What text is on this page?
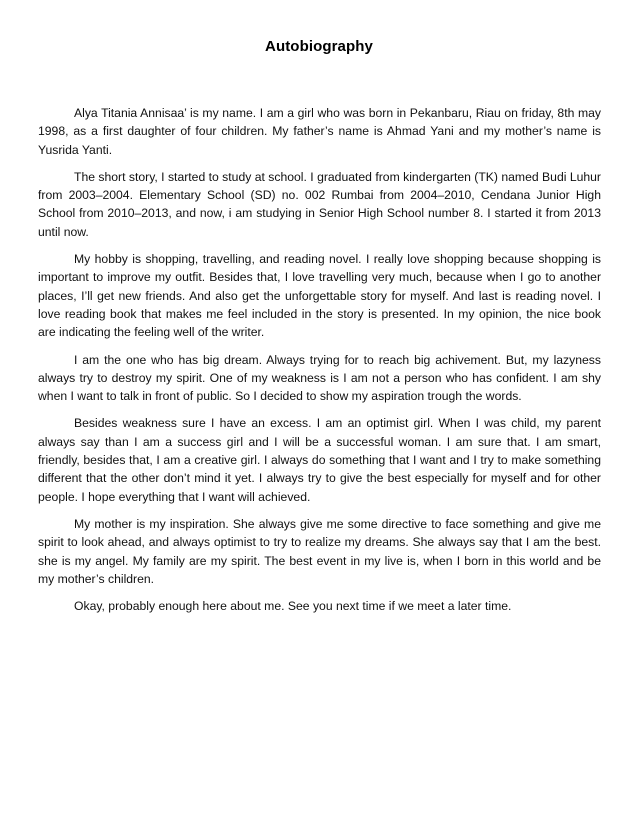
Autobiography

Alya Titania Annisaa’ is my name. I am a girl who was born in Pekanbaru, Riau on friday, 8th may 1998, as a first daughter of four children. My father’s name is Ahmad Yani and my mother’s name is Yusrida Yanti.

The short story, I started to study at school. I graduated from kindergarten (TK) named Budi Luhur from 2003–2004. Elementary School (SD) no. 002 Rumbai from 2004–2010, Cendana Junior High School from 2010–2013, and now, i am studying in Senior High School number 8. I started it from 2013 until now.

My hobby is shopping, travelling, and reading novel. I really love shopping because shopping is important to improve my outfit. Besides that, I love travelling very much, because when I go to another places, I’ll get new friends. And also get the unforgettable story for myself. And last is reading novel. I love reading book that makes me feel included in the story is presented. In my opinion, the nice book are indicating the feeling well of the writer.

I am the one who has big dream. Always trying for to reach big achivement. But, my lazyness always try to destroy my spirit. One of my weakness is I am not a person who has confident. I am shy when I want to talk in front of public. So I decided to show my aspiration trough the words.

Besides weakness sure I have an excess. I am an optimist girl. When I was child, my parent always say than I am a success girl and I will be a successful woman. I am sure that. I am smart, friendly, besides that, I am a creative girl. I always do something that I want and I try to make something different that the other don’t mind it yet. I always try to give the best especially for myself and for other people. I hope everything that I want will achieved.

My mother is my inspiration. She always give me some directive to face something and give me spirit to look ahead, and always optimist to try to realize my dreams. She always say that I am the best. she is my angel. My family are my spirit. The best event in my live is, when I born in this world and be my mother’s children.

Okay, probably enough here about me. See you next time if we meet a later time.
